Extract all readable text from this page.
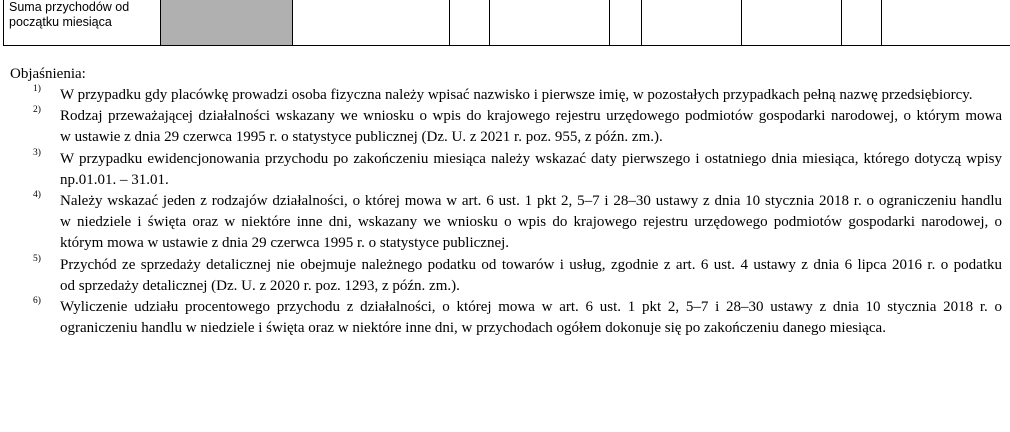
Suma przychodów od
początku miesiąca

Objaśnienia:
1) W przypadku gdy placówkę prowadzi osoba fizyczna należy wpisać nazwisko i pierwsze imię, w pozostałych przypadkach pełną nazwę przedsiębiorcy.
2) Rodzaj przeważającej działalności wskazany we wniosku o wpis do krajowego rejestru urzędowego podmiotów gospodarki narodowej, o którym mowa
w ustawie z dnia 29 czerwca 1995 r. o statystyce publicznej (Dz. U. z 2021 r. poz. 955, z późn. zm.).
3) W przypadku ewidencjonowania przychodu po zakończeniu miesiąca należy wskazać daty pierwszego i ostatniego dnia miesiąca, którego dotyczą wpisy
np.01.01. – 31.01.
4) Należy wskazać jeden z rodzajów działalności, o której mowa w art. 6 ust. 1 pkt 2, 5–7 i 28–30 ustawy z dnia 10 stycznia 2018 r. o ograniczeniu handlu
w niedziele i święta oraz w niektóre inne dni, wskazany we wniosku o wpis do krajowego rejestru urzędowego podmiotów gospodarki narodowej, o
którym mowa w ustawie z dnia 29 czerwca 1995 r. o statystyce publicznej.
5) Przychód ze sprzedaży detalicznej nie obejmuje należnego podatku od towarów i usług, zgodnie z art. 6 ust. 4 ustawy z dnia 6 lipca 2016 r. o podatku
od sprzedaży detalicznej (Dz. U. z 2020 r. poz. 1293, z późn. zm.).
6) Wyliczenie udziału procentowego przychodu z działalności, o której mowa w art. 6 ust. 1 pkt 2, 5–7 i 28–30 ustawy z dnia 10 stycznia 2018 r. o
ograniczeniu handlu w niedziele i święta oraz w niektóre inne dni, w przychodach ogółem dokonuje się po zakończeniu danego miesiąca.
